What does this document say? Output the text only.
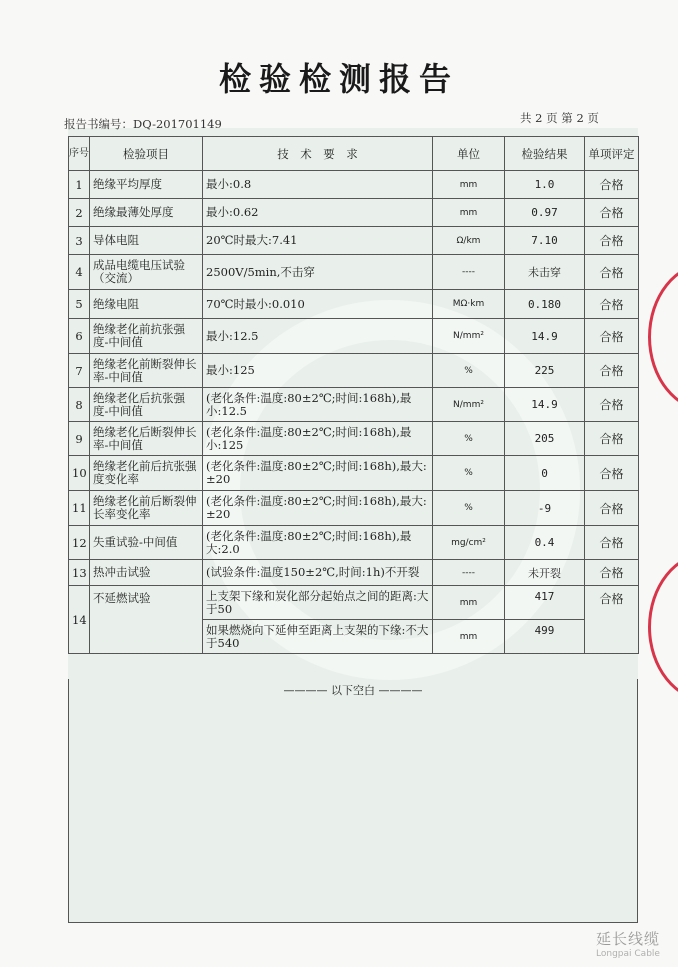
检验检测报告
报告书编号：DQ-201701149	共 2 页 第 2 页
序号	检验项目	技　术　要　求	单位	检验结果	单项评定
1	绝缘平均厚度	最小:0.8	mm	1.0	合格
2	绝缘最薄处厚度	最小:0.62	mm	0.97	合格
3	导体电阻	20℃时最大:7.41	Ω/km	7.10	合格
4	成品电缆电压试验（交流）	2500V/5min,不击穿	----	未击穿	合格
5	绝缘电阻	70℃时最小:0.010	MΩ·km	0.180	合格
6	绝缘老化前抗张强度-中间值	最小:12.5	N/mm²	14.9	合格
7	绝缘老化前断裂伸长率-中间值	最小:125	%	225	合格
8	绝缘老化后抗张强度-中间值	(老化条件:温度:80±2℃;时间:168h),最小:12.5	N/mm²	14.9	合格
9	绝缘老化后断裂伸长率-中间值	(老化条件:温度:80±2℃;时间:168h),最小:125	%	205	合格
10	绝缘老化前后抗张强度变化率	(老化条件:温度:80±2℃;时间:168h),最大:±20	%	0	合格
11	绝缘老化前后断裂伸长率变化率	(老化条件:温度:80±2℃;时间:168h),最大:±20	%	-9	合格
12	失重试验-中间值	(老化条件:温度:80±2℃;时间:168h),最大:2.0	mg/cm²	0.4	合格
13	热冲击试验	(试验条件:温度150±2℃,时间:1h)不开裂	----	未开裂	合格
14	不延燃试验	上支架下缘和炭化部分起始点之间的距离:大于50	mm	417	合格
		如果燃烧向下延伸至距离上支架的下缘:不大于540	mm	499	
———— 以下空白 ————
延长线缆
Longpai Cable
